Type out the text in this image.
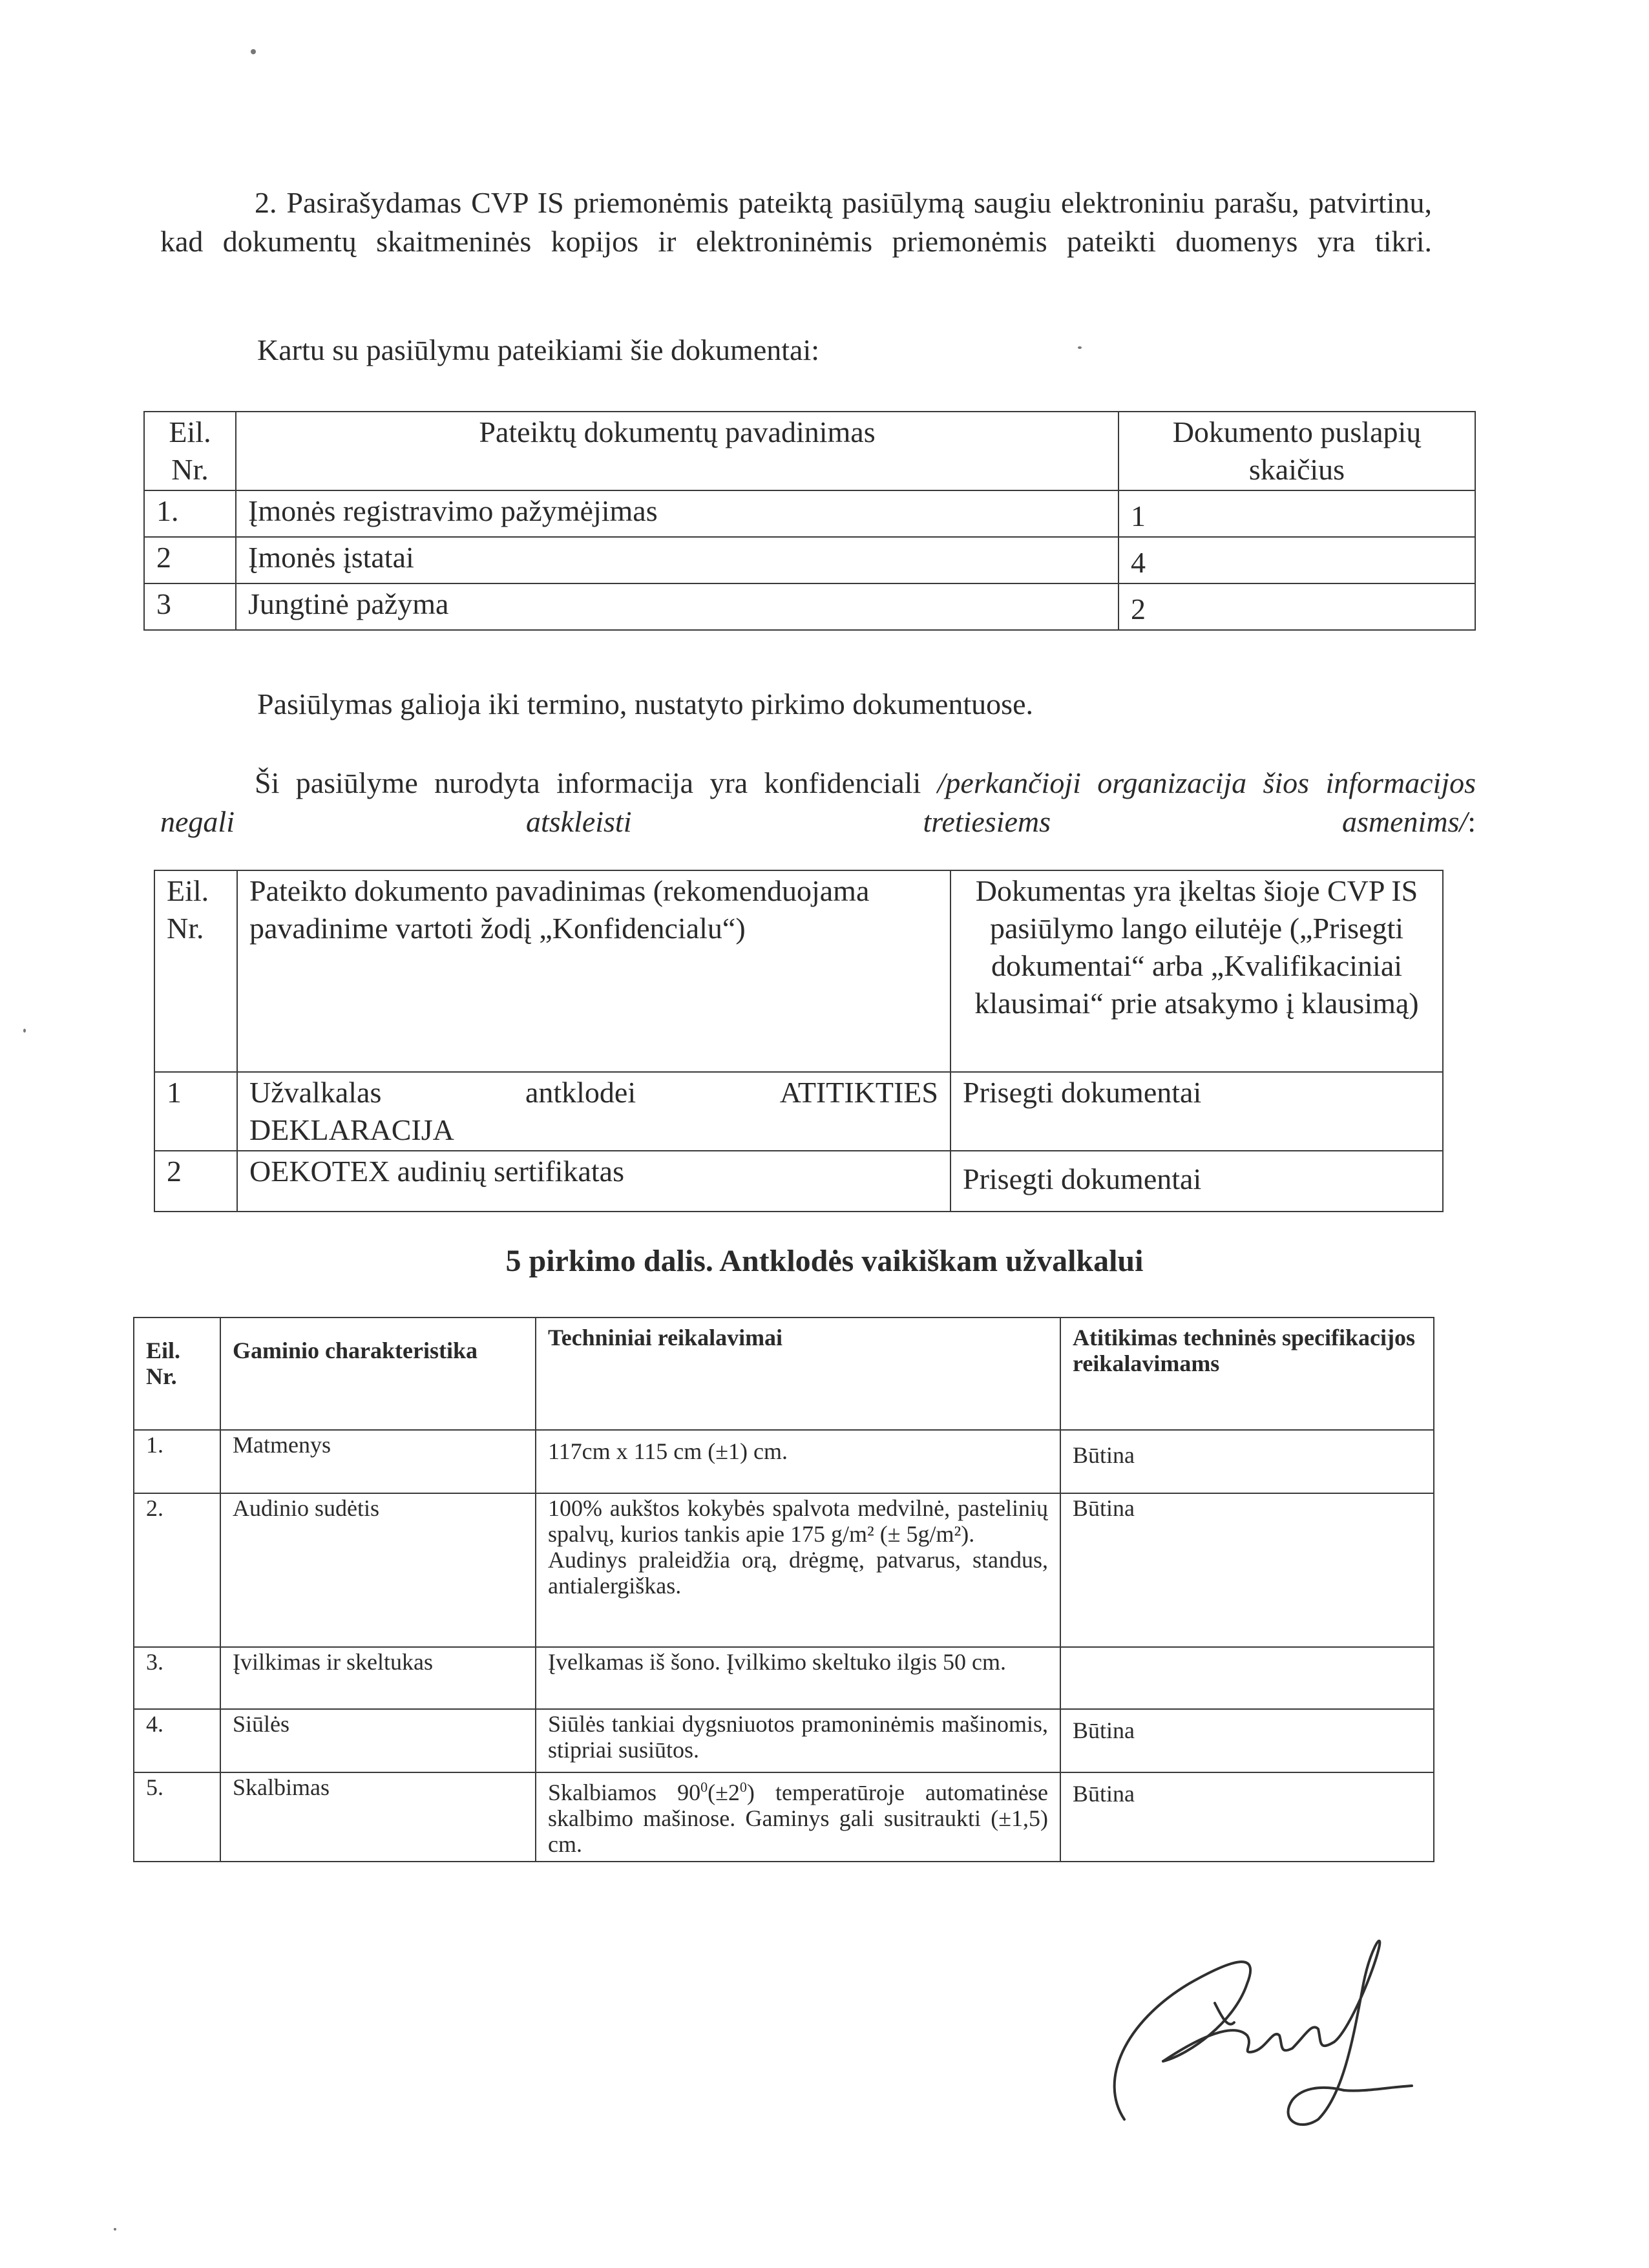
2. Pasirašydamas CVP IS priemonėmis pateiktą pasiūlymą saugiu elektroniniu parašu, patvirtinu, kad dokumentų skaitmeninės kopijos ir elektroninėmis priemonėmis pateikti duomenys yra tikri.

Kartu su pasiūlymu pateikiami šie dokumentai:

Eil. Nr.	Pateiktų dokumentų pavadinimas	Dokumento puslapių skaičius
1.	Įmonės registravimo pažymėjimas	1
2	Įmonės įstatai	4
3	Jungtinė pažyma	2

Pasiūlymas galioja iki termino, nustatyto pirkimo dokumentuose.

Ši pasiūlyme nurodyta informacija yra konfidenciali /perkančioji organizacija šios informacijos negali atskleisti tretiesiems asmenims/:

Eil. Nr.	Pateikto dokumento pavadinimas (rekomenduojama pavadinime vartoti žodį „Konfidencialu“)	Dokumentas yra įkeltas šioje CVP IS pasiūlymo lango eilutėje („Prisegti dokumentai“ arba „Kvalifikaciniai klausimai“ prie atsakymo į klausimą)
1	Užvalkalas antklodei ATITIKTIES
DEKLARACIJA	Prisegti dokumentai
2	OEKOTEX audinių sertifikatas	Prisegti dokumentai

5 pirkimo dalis. Antklodės vaikiškam užvalkalui

Eil. Nr.	Gaminio charakteristika	Techniniai reikalavimai	Atitikimas techninės specifikacijos reikalavimams
1.	Matmenys	117cm x 115 cm (±1) cm.	Būtina
2.	Audinio sudėtis	100% aukštos kokybės spalvota medvilnė, pastelinių spalvų, kurios tankis apie 175 g/m² (± 5g/m²).
Audinys praleidžia orą, drėgmę, patvarus, standus, antialergiškas.	Būtina
3.	Įvilkimas ir skeltukas	Įvelkamas iš šono. Įvilkimo skeltuko ilgis 50 cm.	
4.	Siūlės	Siūlės tankiai dygsniuotos pramoninėmis mašinomis, stipriai susiūtos.	Būtina
5.	Skalbimas	Skalbiamos $90^0(\pm 2^0)$ temperatūroje automatinėse skalbimo mašinose. Gaminys gali susitraukti (±1,5) cm.	Būtina
